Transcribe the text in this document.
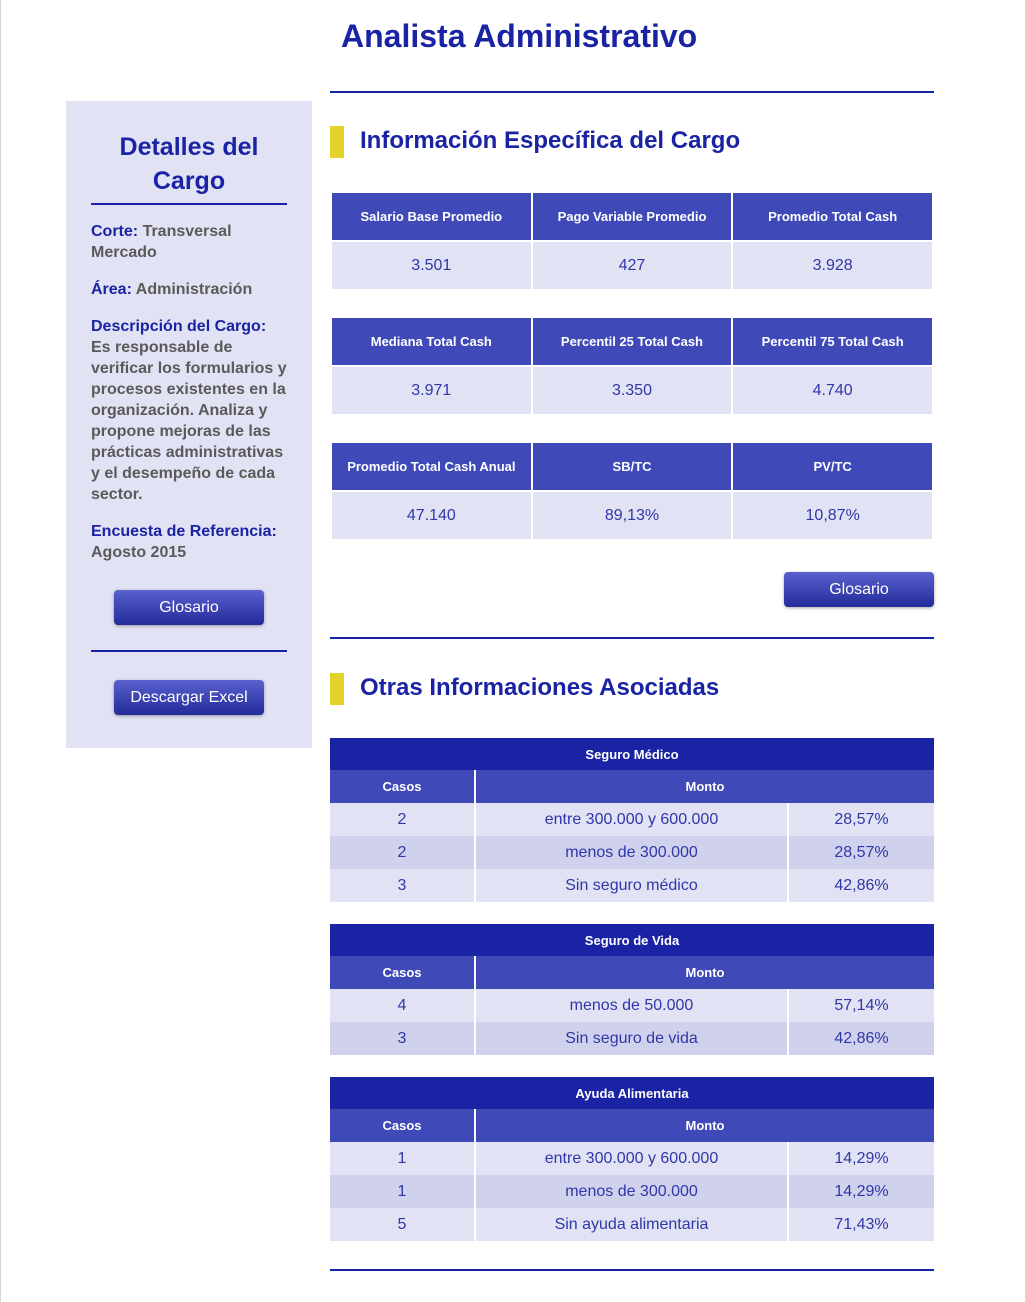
Analista Administrativo
Detalles del Cargo
Corte: Transversal Mercado
Área: Administración
Descripción del Cargo:
Es responsable de verificar los formularios y procesos existentes en la organización. Analiza y propone mejoras de las prácticas administrativas y el desempeño de cada sector.
Encuesta de Referencia:
Agosto 2015
Glosario
Descargar Excel
Información Específica del Cargo
Salario Base Promedio	Pago Variable Promedio	Promedio Total Cash
3.501	427	3.928
Mediana Total Cash	Percentil 25 Total Cash	Percentil 75 Total Cash
3.971	3.350	4.740
Promedio Total Cash Anual	SB/TC	PV/TC
47.140	89,13%	10,87%
Glosario
Otras Informaciones Asociadas
Seguro Médico		
Casos	Monto	
2	entre 300.000 y 600.000	28,57%
2	menos de 300.000	28,57%
3	Sin seguro médico	42,86%
Seguro de Vida		
Casos	Monto	
4	menos de 50.000	57,14%
3	Sin seguro de vida	42,86%
Ayuda Alimentaria		
Casos	Monto	
1	entre 300.000 y 600.000	14,29%
1	menos de 300.000	14,29%
5	Sin ayuda alimentaria	71,43%
